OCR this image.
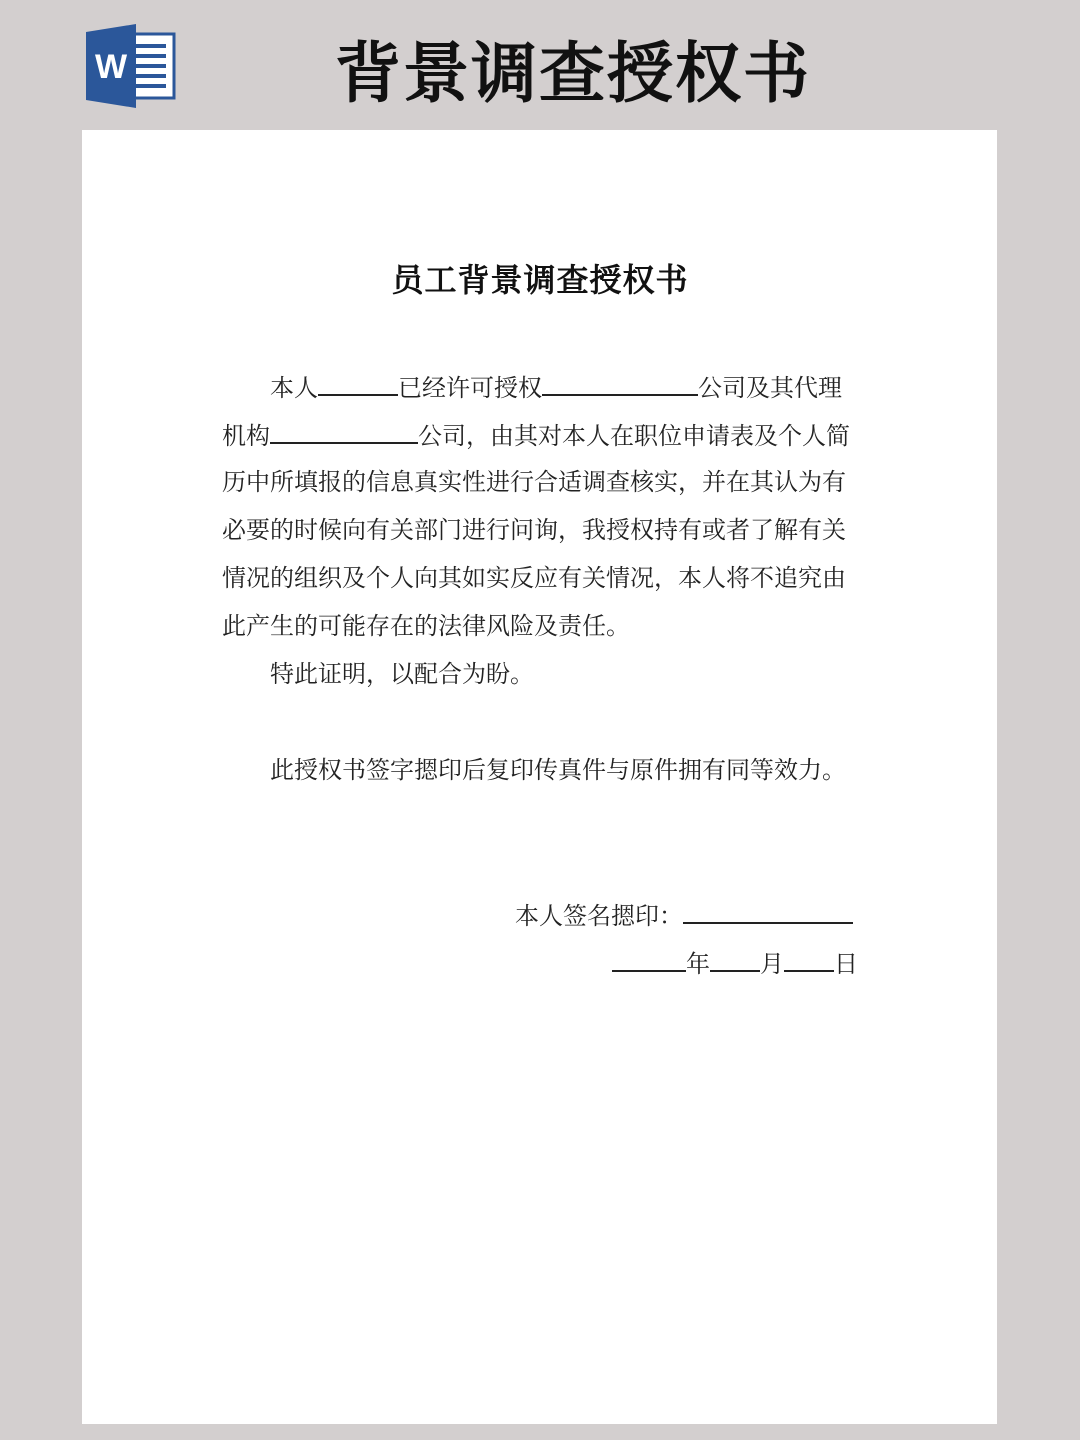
W	背景调查授权书
员工背景调查授权书
本人	已经许可授权	公司及其代理
机构	公司，由其对本人在职位申请表及个人简
历中所填报的信息真实性进行合适调查核实，并在其认为有
必要的时候向有关部门进行问询，我授权持有或者了解有关
情况的组织及个人向其如实反应有关情况，本人将不追究由
此产生的可能存在的法律风险及责任。
特此证明，以配合为盼。
此授权书签字摁印后复印传真件与原件拥有同等效力。
本人签名摁印：
年 月 日
